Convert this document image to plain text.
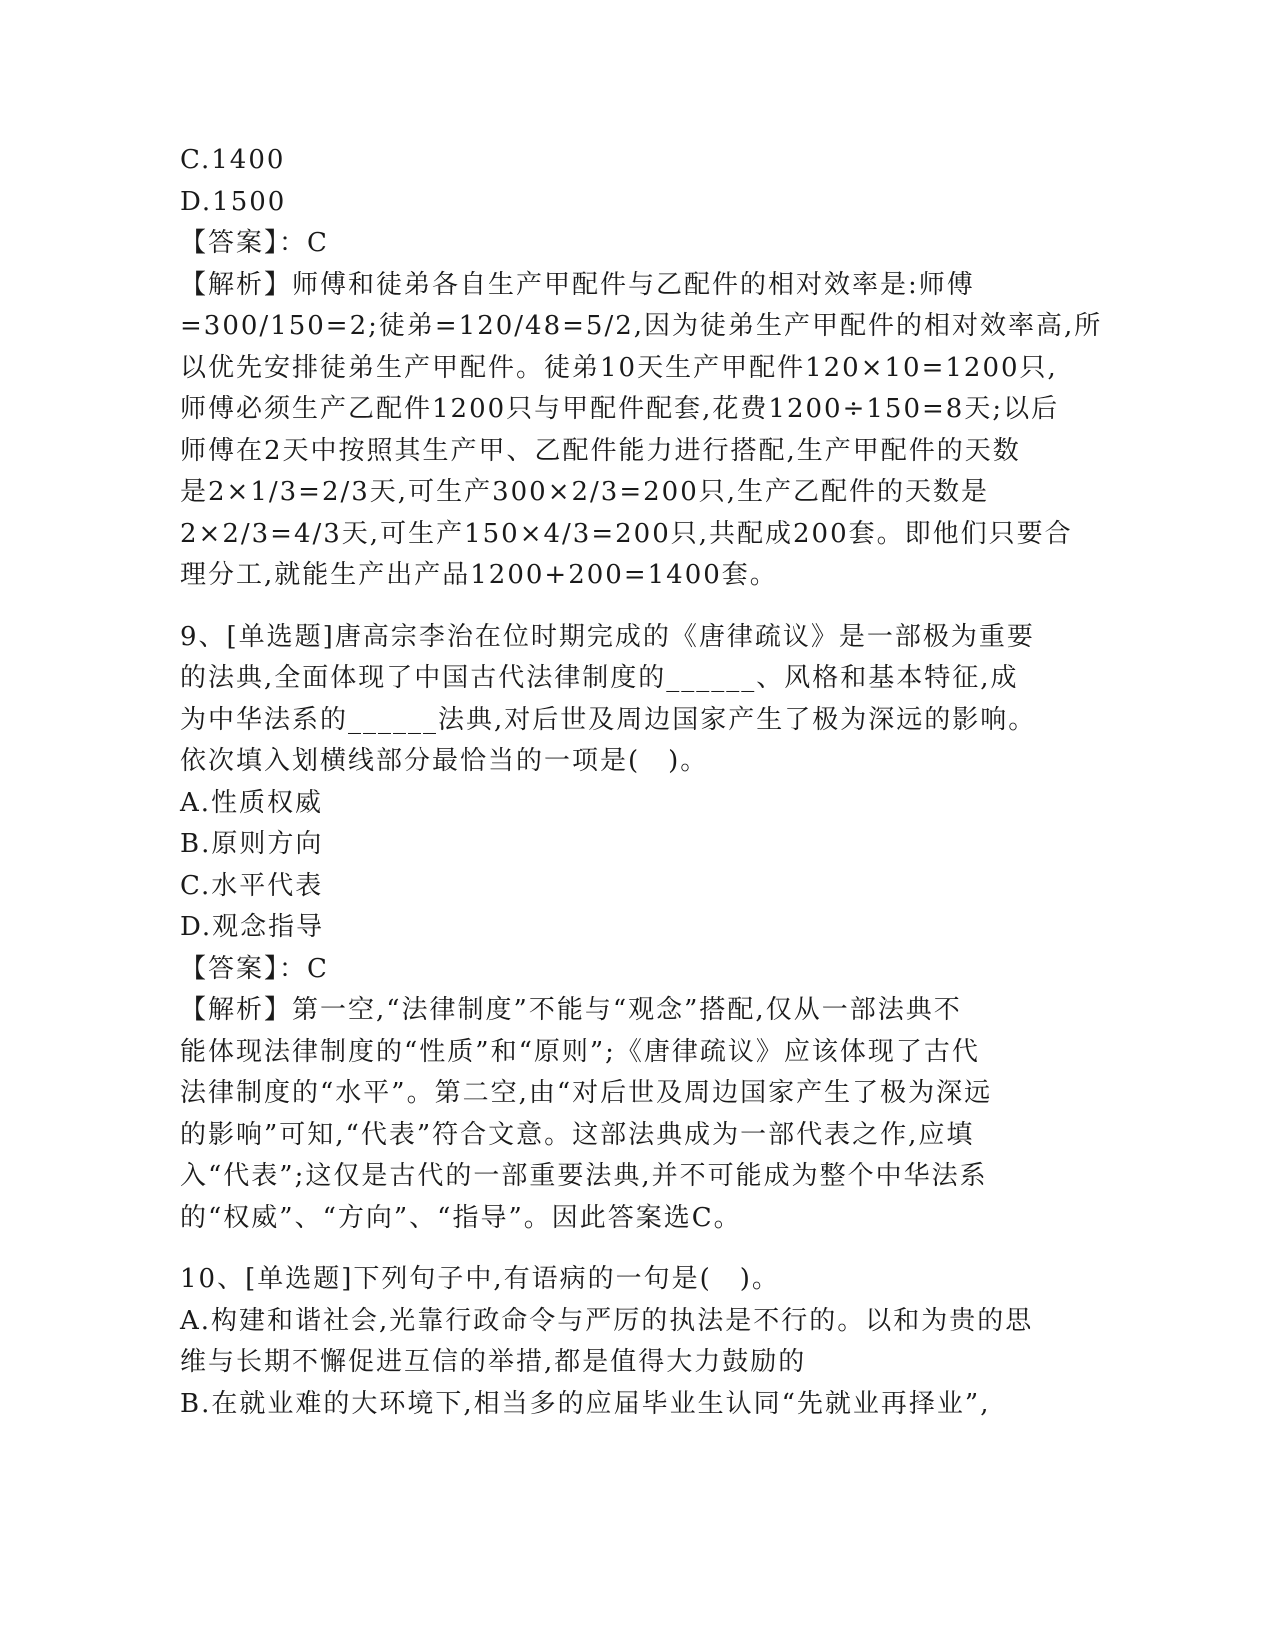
C.1400
D.1500
【答案】：C
【解析】师傅和徒弟各自生产甲配件与乙配件的相对效率是:师傅
=300/150=2;徒弟=120/48=5/2,因为徒弟生产甲配件的相对效率高,所
以优先安排徒弟生产甲配件。徒弟10天生产甲配件120×10=1200只,
师傅必须生产乙配件1200只与甲配件配套,花费1200÷150=8天;以后
师傅在2天中按照其生产甲、乙配件能力进行搭配,生产甲配件的天数
是2×1/3=2/3天,可生产300×2/3=200只,生产乙配件的天数是
2×2/3=4/3天,可生产150×4/3=200只,共配成200套。即他们只要合
理分工,就能生产出产品1200+200=1400套。
9、[单选题]唐高宗李治在位时期完成的《唐律疏议》是一部极为重要
的法典,全面体现了中国古代法律制度的______、风格和基本特征,成
为中华法系的______法典,对后世及周边国家产生了极为深远的影响。
依次填入划横线部分最恰当的一项是(　)。
A.性质权威
B.原则方向
C.水平代表
D.观念指导
【答案】：C
【解析】第一空,“法律制度”不能与“观念”搭配,仅从一部法典不
能体现法律制度的“性质”和“原则”;《唐律疏议》应该体现了古代
法律制度的“水平”。第二空,由“对后世及周边国家产生了极为深远
的影响”可知,“代表”符合文意。这部法典成为一部代表之作,应填
入“代表”;这仅是古代的一部重要法典,并不可能成为整个中华法系
的“权威”、“方向”、“指导”。因此答案选C。
10、[单选题]下列句子中,有语病的一句是(　)。
A.构建和谐社会,光靠行政命令与严厉的执法是不行的。以和为贵的思
维与长期不懈促进互信的举措,都是值得大力鼓励的
B.在就业难的大环境下,相当多的应届毕业生认同“先就业再择业”,
